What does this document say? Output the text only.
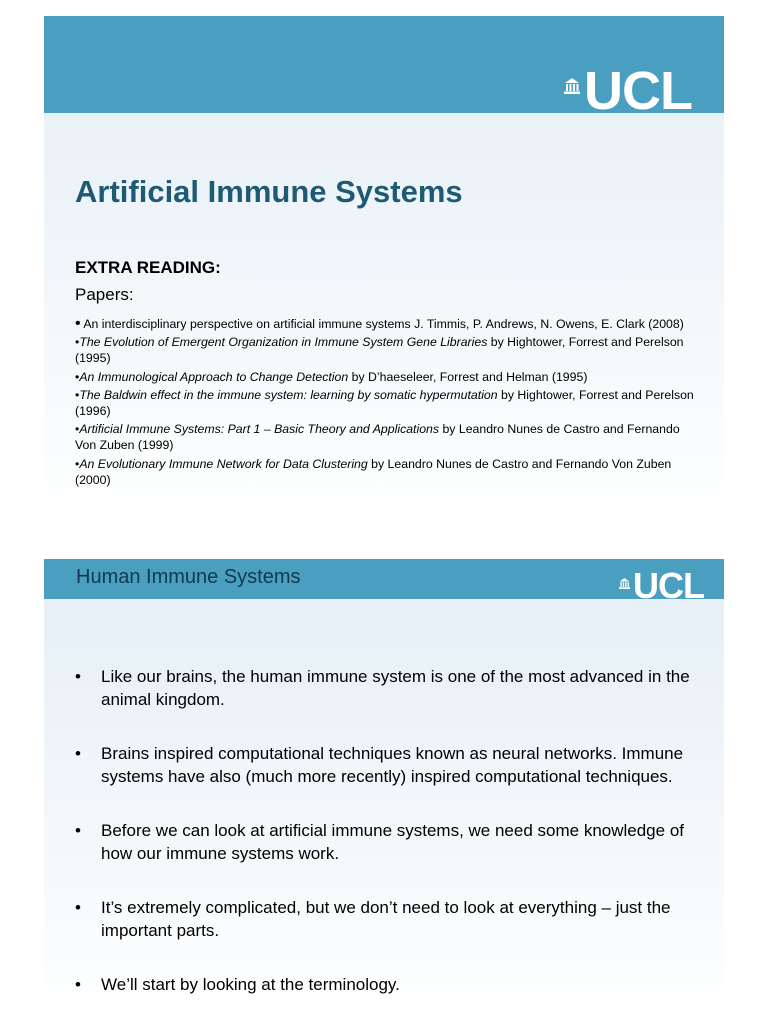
UCL
Artificial Immune Systems
EXTRA READING:
Papers:
• An interdisciplinary perspective on artificial immune systems J. Timmis, P. Andrews, N. Owens, E. Clark (2008)
•The Evolution of Emergent Organization in Immune System Gene Libraries by Hightower, Forrest and Perelson (1995)
•An Immunological Approach to Change Detection by D’haeseleer, Forrest and Helman (1995)
•The Baldwin effect in the immune system: learning by somatic hypermutation by Hightower, Forrest and Perelson (1996)
•Artificial Immune Systems: Part 1 – Basic Theory and Applications by Leandro Nunes de Castro and Fernando Von Zuben (1999)
•An Evolutionary Immune Network for Data Clustering by Leandro Nunes de Castro and Fernando Von Zuben (2000)
Human Immune Systems	UCL
• Like our brains, the human immune system is one of the most advanced in the animal kingdom.
• Brains inspired computational techniques known as neural networks. Immune systems have also (much more recently) inspired computational techniques.
• Before we can look at artificial immune systems, we need some knowledge of how our immune systems work.
• It’s extremely complicated, but we don’t need to look at everything – just the important parts.
• We’ll start by looking at the terminology.
